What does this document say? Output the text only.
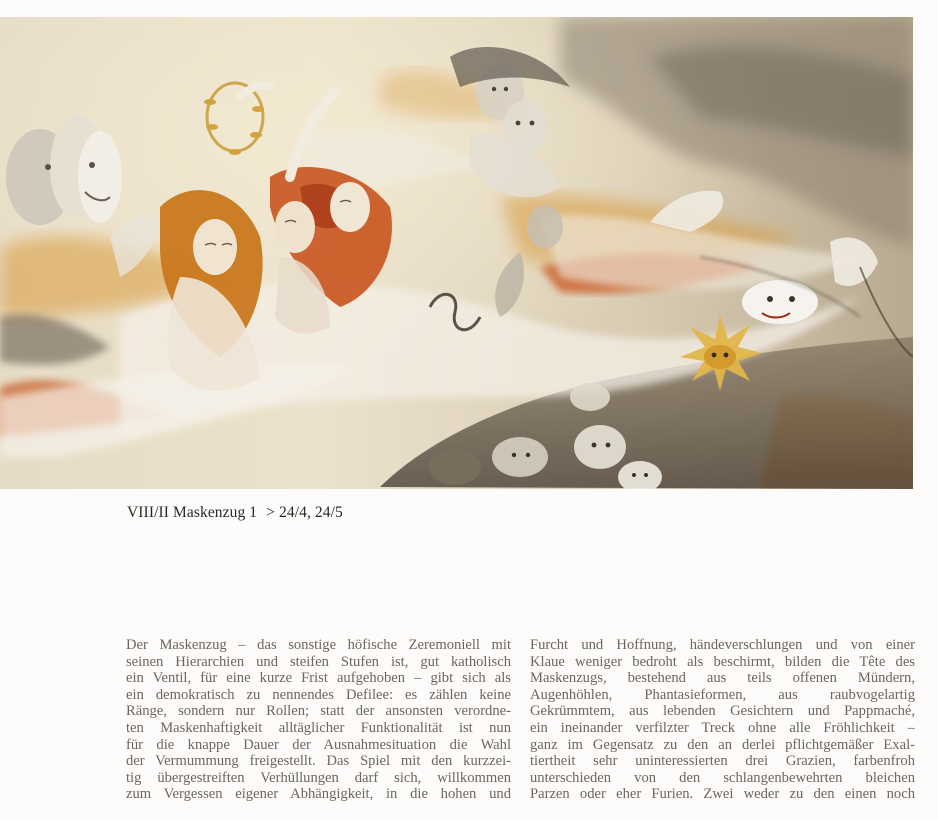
VIII/II Maskenzug 1 > 24/4, 24/5
Der Maskenzug – das sonstige höfische Zeremoniell mit
seinen Hierarchien und steifen Stufen ist, gut katholisch
ein Ventil, für eine kurze Frist aufgehoben – gibt sich als
ein demokratisch zu nennendes Defilee: es zählen keine
Ränge, sondern nur Rollen; statt der ansonsten verordne-
ten Maskenhaftigkeit alltäglicher Funktionalität ist nun
für die knappe Dauer der Ausnahmesituation die Wahl
der Vermummung freigestellt. Das Spiel mit den kurzzei-
tig übergestreiften Verhüllungen darf sich, willkommen
zum Vergessen eigener Abhängigkeit, in die hohen und
Furcht und Hoffnung, händeverschlungen und von einer
Klaue weniger bedroht als beschirmt, bilden die Tête des
Maskenzugs, bestehend aus teils offenen Mündern,
Augenhöhlen, Phantasieformen, aus raubvogelartig
Gekrümmtem, aus lebenden Gesichtern und Pappmaché,
ein ineinander verfilzter Treck ohne alle Fröhlichkeit –
ganz im Gegensatz zu den an derlei pflichtgemäßer Exal-
tiertheit sehr uninteressierten drei Grazien, farbenfroh
unterschieden von den schlangenbewehrten bleichen
Parzen oder eher Furien. Zwei weder zu den einen noch
